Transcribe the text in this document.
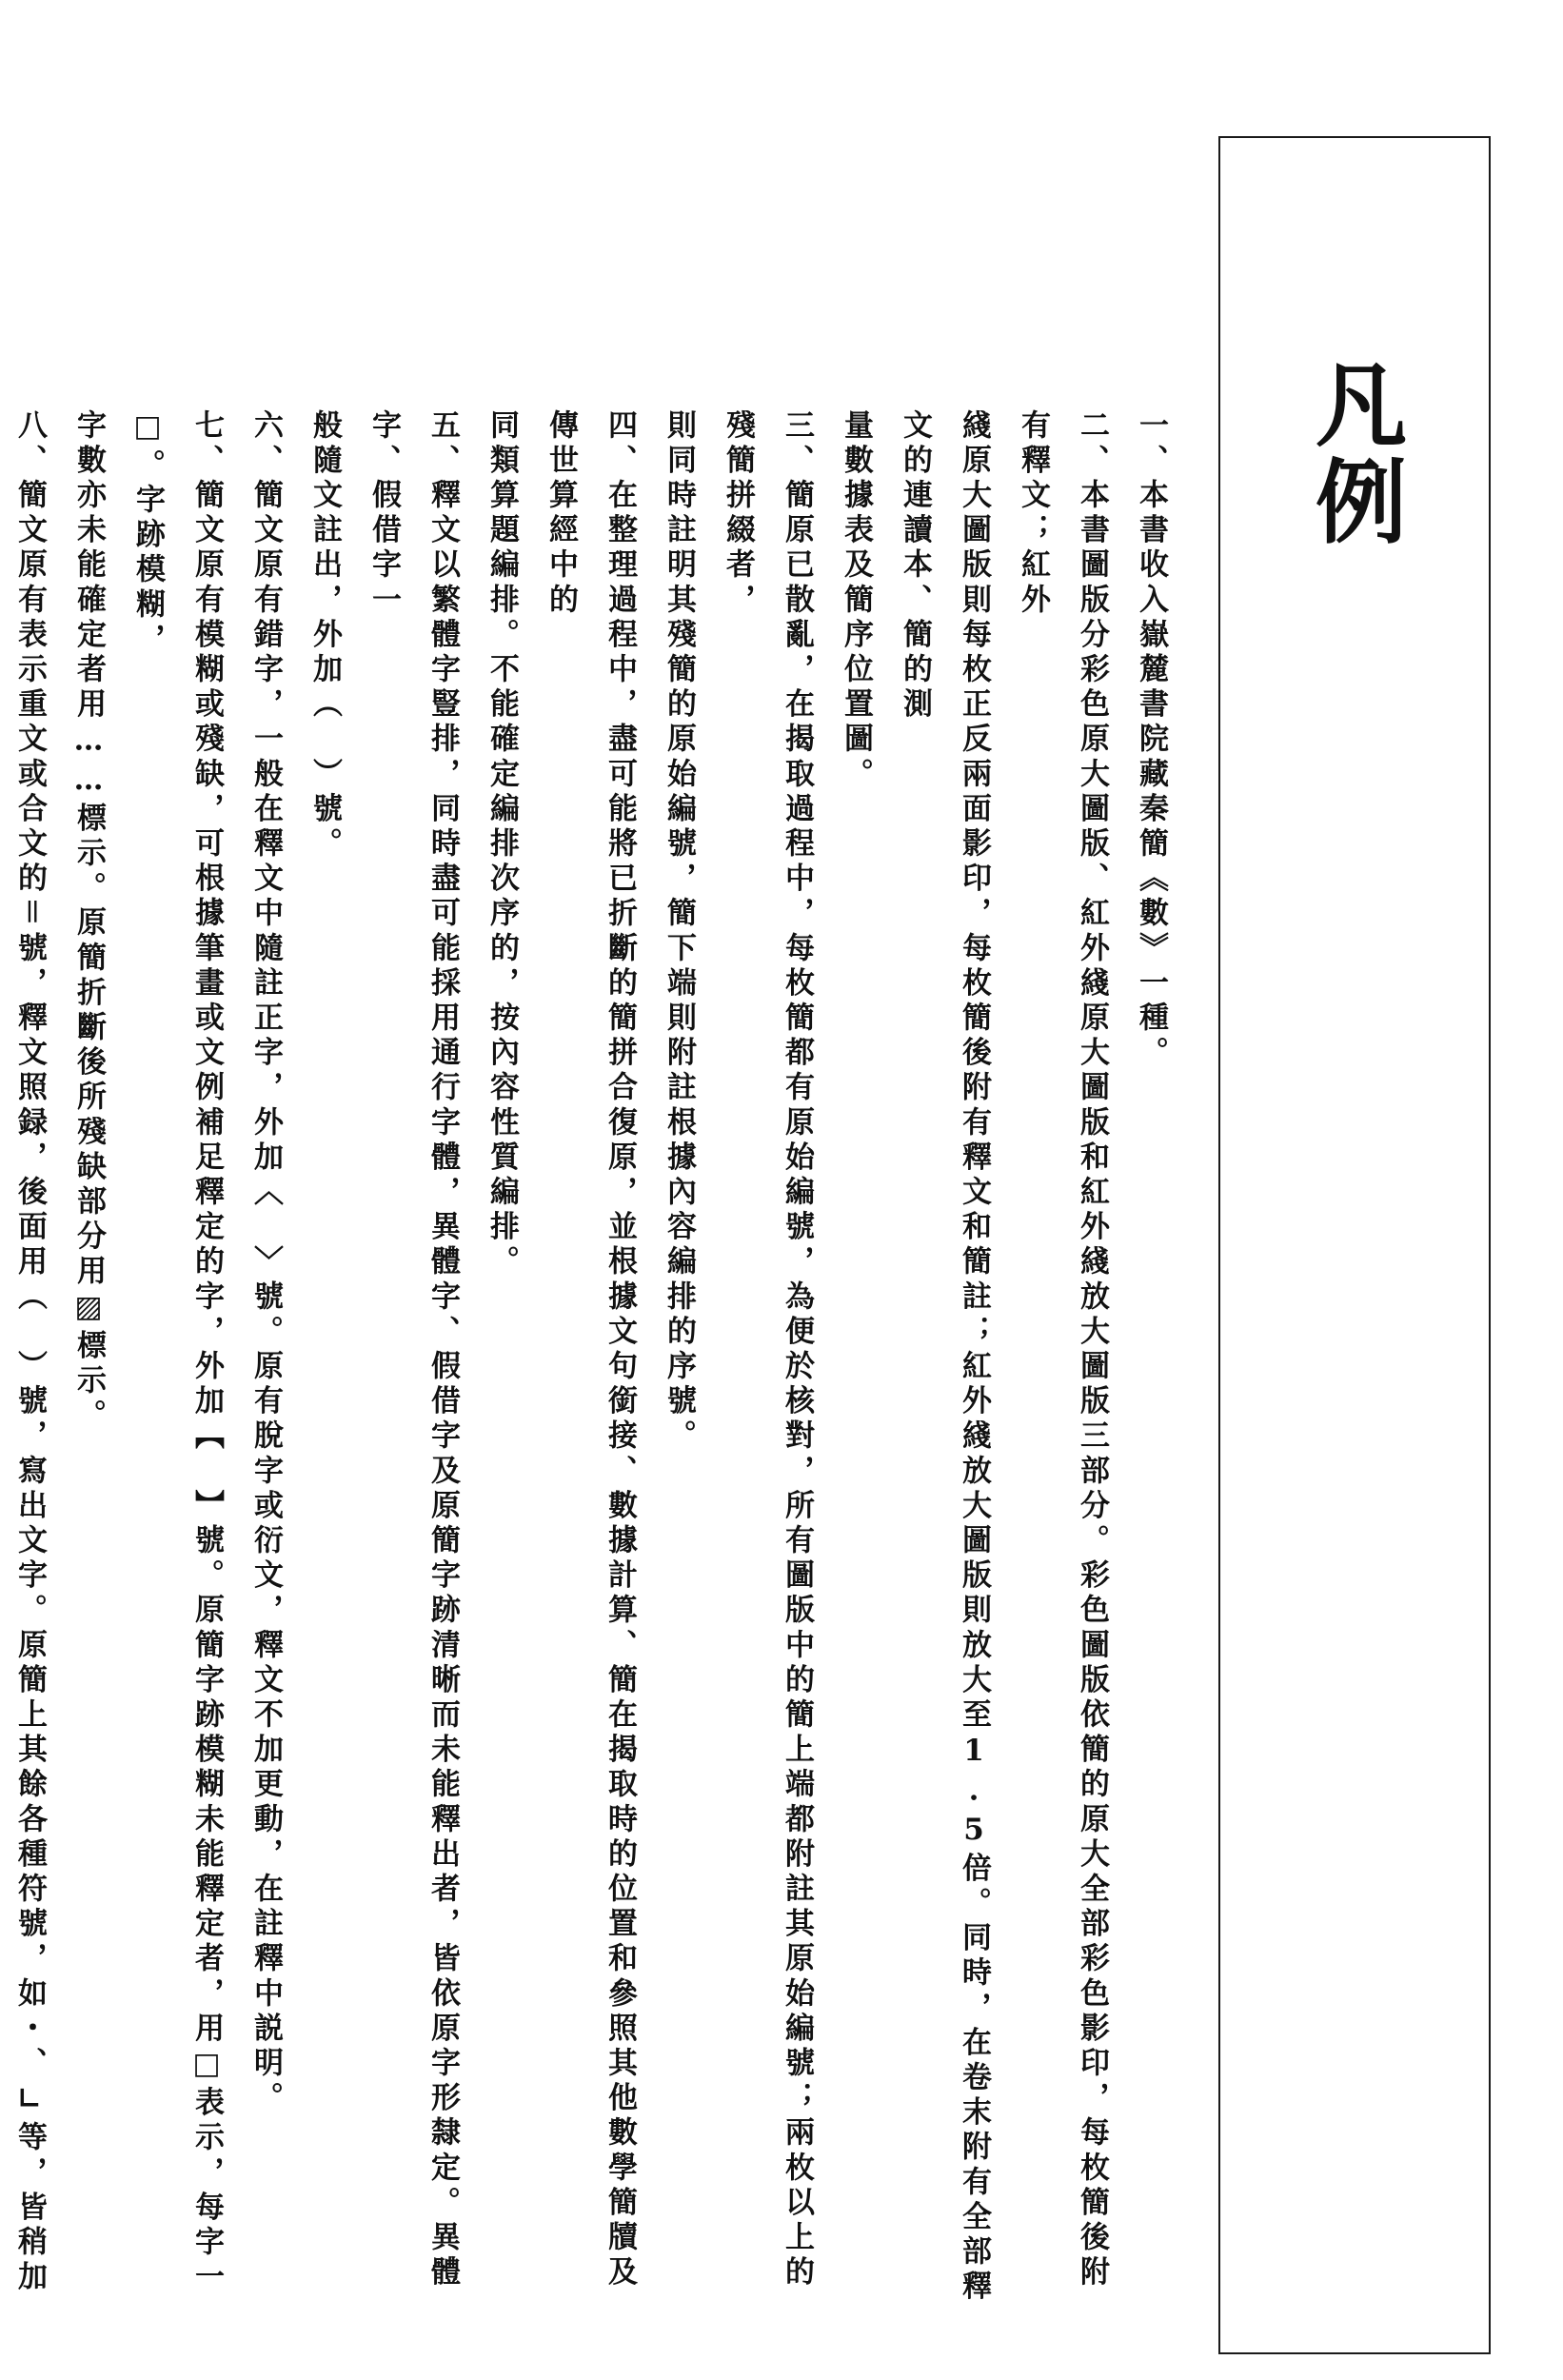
凡例
一、本書收入嶽麓書院藏秦簡《數》一種。
二、本書圖版分彩色原大圖版、紅外綫原大圖版和紅外綫放大圖版三部分。彩色圖版依簡的原大全部彩色影印，每枚簡後附有釋文；紅外
綫原大圖版則每枚正反兩面影印，每枚簡後附有釋文和簡註；紅外綫放大圖版則放大至1.5倍。同時，在卷末附有全部釋文的連讀本、簡的測
量數據表及簡序位置圖。
三、簡原已散亂，在揭取過程中，每枚簡都有原始編號，為便於核對，所有圖版中的簡上端都附註其原始編號；兩枚以上的殘簡拼綴者，
則同時註明其殘簡的原始編號，簡下端則附註根據內容編排的序號。
四、在整理過程中，盡可能將已折斷的簡拼合復原，並根據文句銜接、數據計算、簡在揭取時的位置和參照其他數學簡牘及傳世算經中的
同類算題編排。不能確定編排次序的，按內容性質編排。
五、釋文以繁體字豎排，同時盡可能採用通行字體，異體字、假借字及原簡字跡清晰而未能釋出者，皆依原字形隸定。異體字、假借字一
般隨文註出，外加（　）號。
六、簡文原有錯字，一般在釋文中隨註正字，外加〈　〉號。原有脫字或衍文，釋文不加更動，在註釋中説明。
七、簡文原有模糊或殘缺，可根據筆畫或文例補足釋定的字，外加【　】號。原簡字跡模糊未能釋定者，用□表示，每字一□。字跡模糊，
字數亦未能確定者用……標示。原簡折斷後所殘缺部分用▨標示。
八、簡文原有表示重文或合文的＝號，釋文照録，後面用（　）號，寫出文字。原簡上其餘各種符號，如・、∟等，皆稍加
